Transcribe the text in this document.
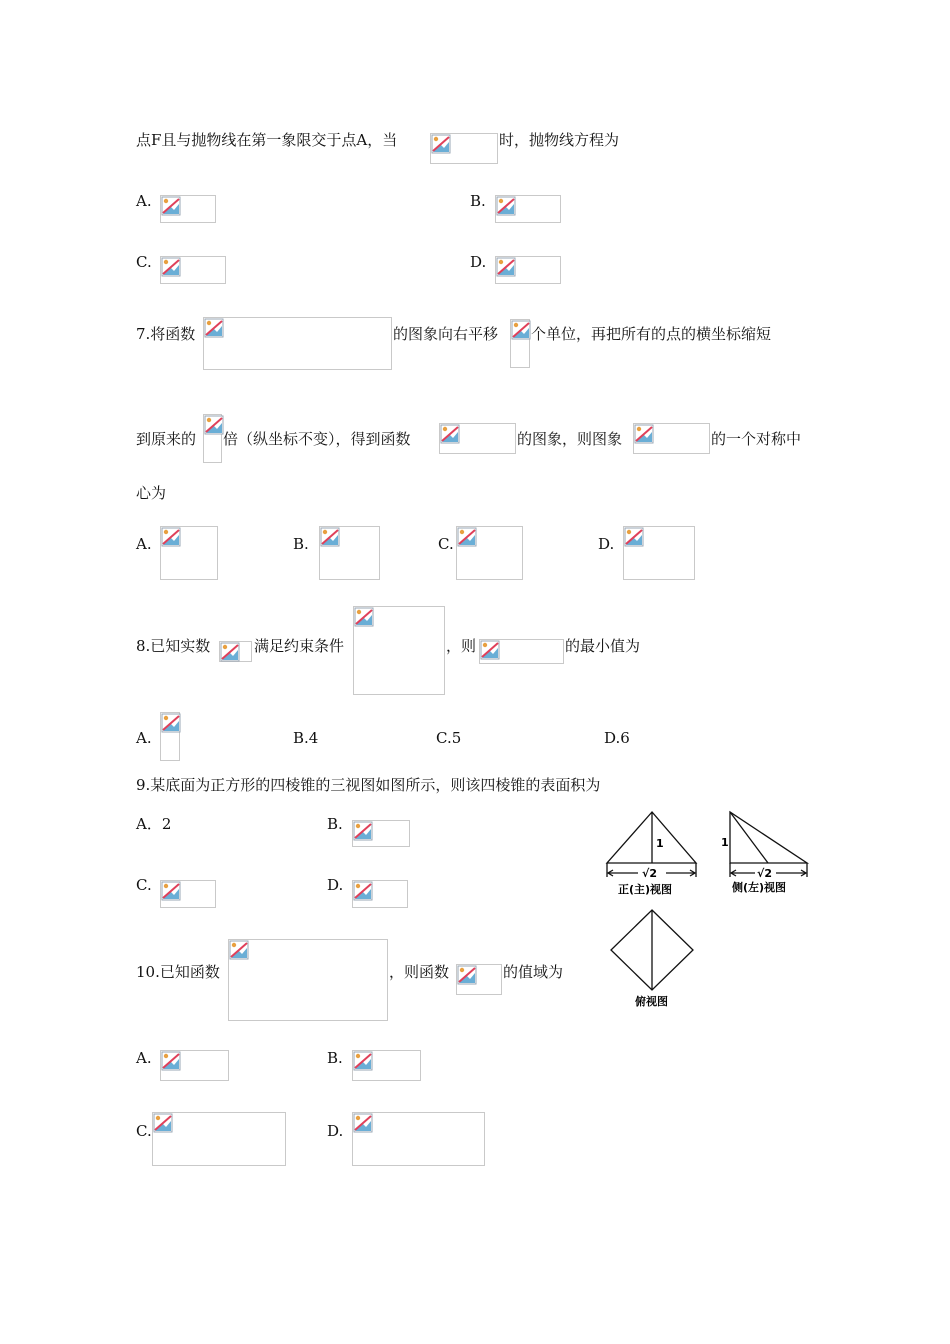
点F且与抛物线在第一象限交于点A，当	时，抛物线方程为
A.	B.
C.	D.
7.将函数	的图象向右平移 个单位，再把所有的点的横坐标缩短
到原来的 倍（纵坐标不变），得到函数	的图象，则图象	的一个对称中
心为
A.	B.	C.	D.
8.已知实数	满足约束条件	，则	的最小值为
A.	B.4	C.5	D.6
9.某底面为正方形的四棱锥的三视图如图所示，则该四棱锥的表面积为
A．2	B.
C.	D.
1
√2
正(主)视图
1
√2
侧(左)视图
俯视图
10.已知函数	，则函数	的值域为
A.	B.
C.	D.
